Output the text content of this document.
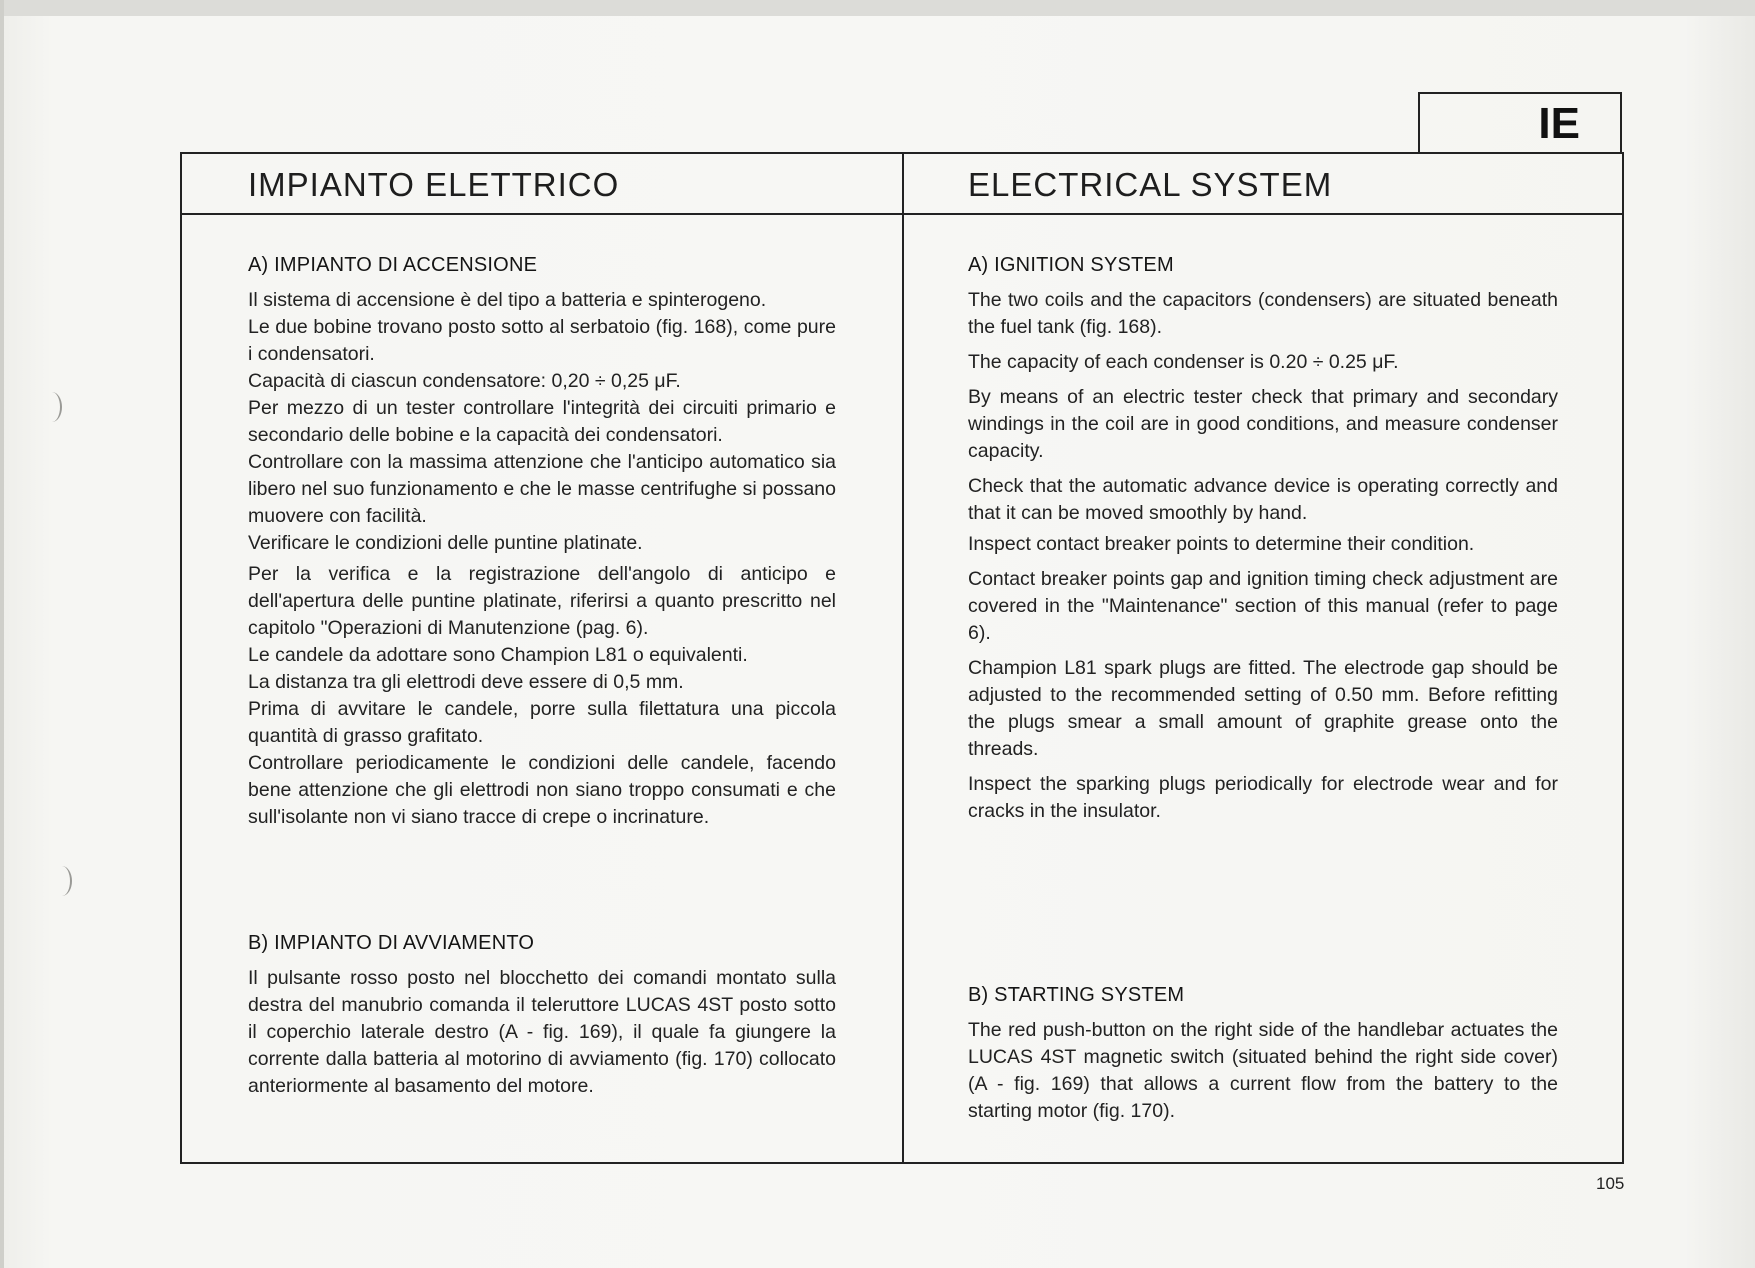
IE
IMPIANTO ELETTRICO	ELECTRICAL SYSTEM

A) IMPIANTO DI ACCENSIONE

Il sistema di accensione è del tipo a batteria e spinterogeno.

Le due bobine trovano posto sotto al serbatoio (fig. 168), come pure i condensatori.

Capacità di ciascun condensatore: 0,20 ÷ 0,25 μF.

Per mezzo di un tester controllare l'integrità dei circuiti primario e secondario delle bobine e la capacità dei condensatori.

Controllare con la massima attenzione che l'anticipo automatico sia libero nel suo funzionamento e che le masse centrifughe si possano muovere con facilità.

Verificare le condizioni delle puntine platinate.

Per la verifica e la registrazione dell'angolo di anticipo e dell'apertura delle puntine platinate, riferirsi a quanto prescritto nel capitolo "Operazioni di Manutenzione (pag. 6).

Le candele da adottare sono Champion L81 o equivalenti.

La distanza tra gli elettrodi deve essere di 0,5 mm.

Prima di avvitare le candele, porre sulla filettatura una piccola quantità di grasso grafitato.

Controllare periodicamente le condizioni delle candele, facendo bene attenzione che gli elettrodi non siano troppo consumati e che sull'isolante non vi siano tracce di crepe o incrinature.

B) IMPIANTO DI AVVIAMENTO

Il pulsante rosso posto nel blocchetto dei comandi montato sulla destra del manubrio comanda il teleruttore LUCAS 4ST posto sotto il coperchio laterale destro (A - fig. 169), il quale fa giungere la corrente dalla batteria al motorino di avviamento (fig. 170) collocato anteriormente al basamento del motore.

A) IGNITION SYSTEM

The two coils and the capacitors (condensers) are situated beneath the fuel tank (fig. 168).

The capacity of each condenser is 0.20 ÷ 0.25 μF.

By means of an electric tester check that primary and secondary windings in the coil are in good conditions, and measure condenser capacity.

Check that the automatic advance device is operating correctly and that it can be moved smoothly by hand.

Inspect contact breaker points to determine their condition.

Contact breaker points gap and ignition timing check adjustment are covered in the "Maintenance" section of this manual (refer to page 6).

Champion L81 spark plugs are fitted. The electrode gap should be adjusted to the recommended setting of 0.50 mm. Before refitting the plugs smear a small amount of graphite grease onto the threads.

Inspect the sparking plugs periodically for electrode wear and for cracks in the insulator.

B) STARTING SYSTEM

The red push-button on the right side of the handlebar actuates the LUCAS 4ST magnetic switch (situated behind the right side cover) (A - fig. 169) that allows a current flow from the battery to the starting motor (fig. 170).

105
